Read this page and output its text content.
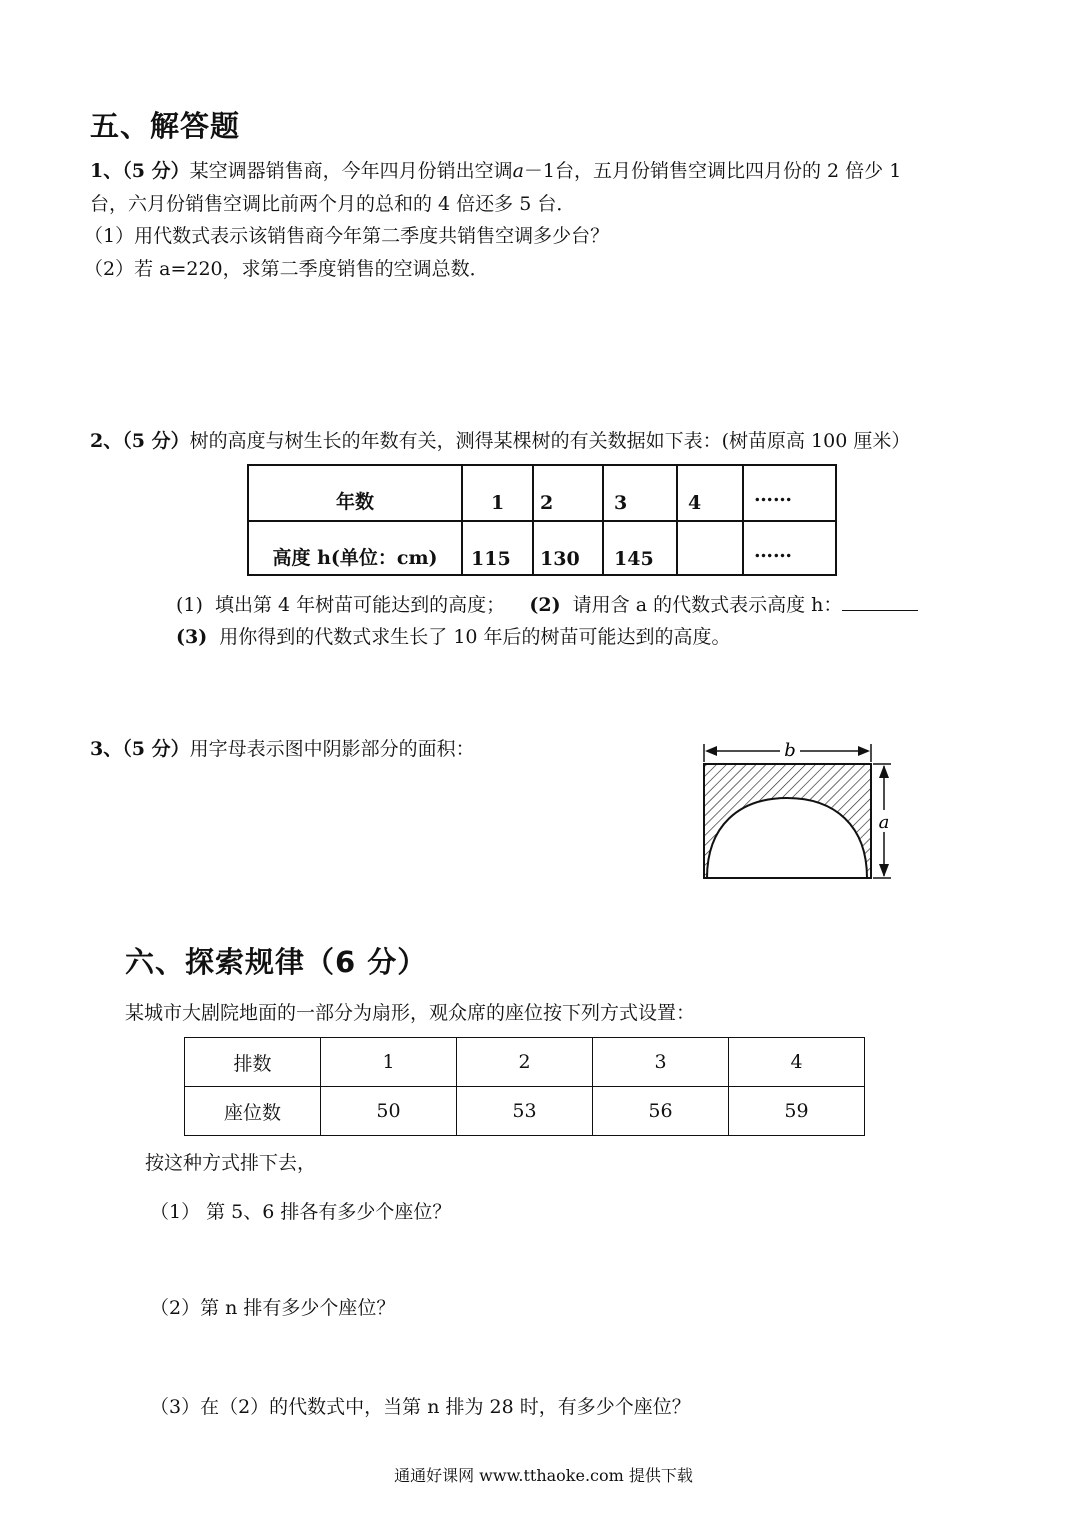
五、解答题
1、（5 分）某空调器销售商，今年四月份销出空调a－1台，五月份销售空调比四月份的 2 倍少 1
台，六月份销售空调比前两个月的总和的 4 倍还多 5 台．
（1）用代数式表示该销售商今年第二季度共销售空调多少台？
（2）若 a=220，求第二季度销售的空调总数．
2、（5 分）树的高度与树生长的年数有关，测得某棵树的有关数据如下表：(树苗原高 100 厘米）
年数	1	2	3	4	……
高度 h(单位：cm)	115	130	145		……
(1) 填出第 4 年树苗可能达到的高度； (2) 请用含 a 的代数式表示高度 h：
(3) 用你得到的代数式求生长了 10 年后的树苗可能达到的高度。
3、（5 分）用字母表示图中阴影部分的面积：	b
a
六、探索规律（6 分）
某城市大剧院地面的一部分为扇形，观众席的座位按下列方式设置：
排数	1	2	3	4
座位数	50	53	56	59
按这种方式排下去，
（1） 第 5、6 排各有多少个座位？
（2）第 n 排有多少个座位？
（3）在（2）的代数式中，当第 n 排为 28 时，有多少个座位？
通通好课网 www.tthaoke.com 提供下载
